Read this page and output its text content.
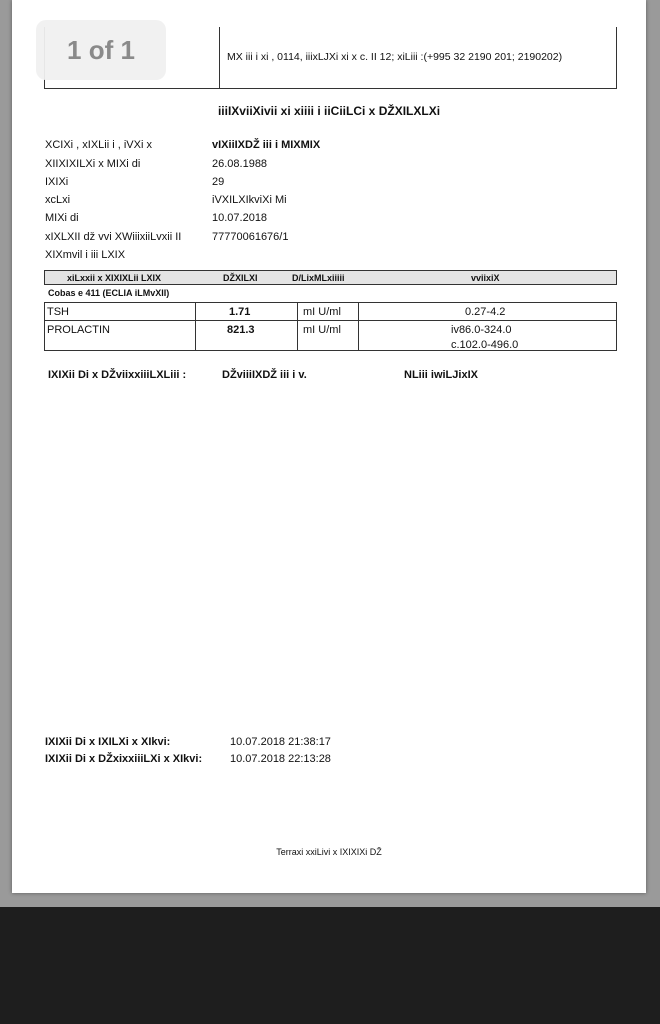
MX iii i xi , 0114, iiixLJXi xi x c. II 12; xiLiii :(+995 32 2190 201; 2190202)
iiiIXviiXivii xi xiiii i iiCiiLCi x DŽXILXLXi
XCIXi , xIXLii i , iVXi x	vIXiiIXDŽ iii i MIXMIX
XIIXIXILXi x MIXi di	26.08.1988
IXIXi	29
xcLxi	iVXILXIkviXi Mi
MIXi di	10.07.2018
xIXLXII dž vvi XWiiixiiLvxii II	77770061676/1
XIXmvil i iii LXIX
xiLxxii x XIXIXLii LXIX	DŽXILXI	D/LixMLxiiiii	vviixiX
Cobas e 411 (ECLIA iLMvXII)
TSH	1.71	mI U/ml	0.27-4.2
PROLACTIN	821.3	mI U/ml	iv86.0-324.0
c.102.0-496.0
IXIXii Di x DŽviixxiiiLXLiii :	DŽviiiIXDŽ iii i v.	NLiii iwiLJixIX
IXIXii Di x IXILXi x XIkvi:	10.07.2018 21:38:17
IXIXii Di x DŽxixxiiiLXi x XIkvi:	10.07.2018 22:13:28
Terraxi xxiLivi x IXIXIXi DŽ
1 of 1
